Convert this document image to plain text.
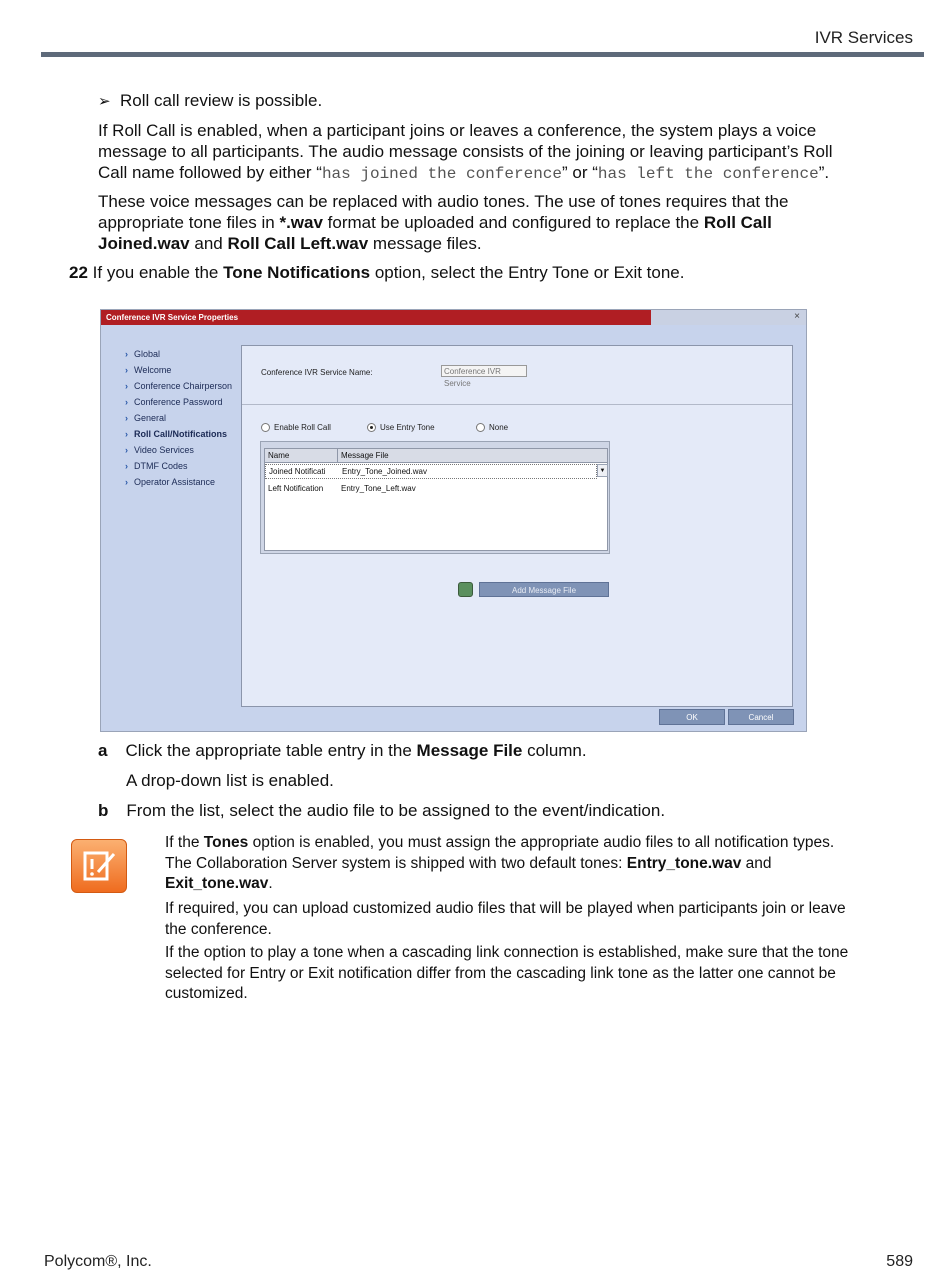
IVR Services
➢ Roll call review is possible.
If Roll Call is enabled, when a participant joins or leaves a conference, the system plays a voice
message to all participants. The audio message consists of the joining or leaving participant’s Roll
Call name followed by either “has joined the conference” or “has left the conference”.
These voice messages can be replaced with audio tones. The use of tones requires that the
appropriate tone files in *.wav format be uploaded and configured to replace the Roll Call
Joined.wav and Roll Call Left.wav message files.
22 If you enable the Tone Notifications option, select the Entry Tone or Exit tone.
Conference IVR Service Properties	×
› Global
› Welcome
› Conference Chairperson
› Conference Password
› General
› Roll Call/Notifications
› Video Services
› DTMF Codes
› Operator Assistance
Conference IVR Service Name:	Conference IVR Service
Enable Roll Call	Use Entry Tone	None
Name	Message File
Joined Notificati	Entry_Tone_Joined.wav	▼
Left Notification	Entry_Tone_Left.wav
Add Message File
OK	Cancel
a Click the appropriate table entry in the Message File column.
A drop-down list is enabled.
b From the list, select the audio file to be assigned to the event/indication.
If the Tones option is enabled, you must assign the appropriate audio files to all notification types.
The Collaboration Server system is shipped with two default tones: Entry_tone.wav and
Exit_tone.wav.
If required, you can upload customized audio files that will be played when participants join or leave
the conference.
If the option to play a tone when a cascading link connection is established, make sure that the tone
selected for Entry or Exit notification differ from the cascading link tone as the latter one cannot be
customized.
Polycom®, Inc.	589
